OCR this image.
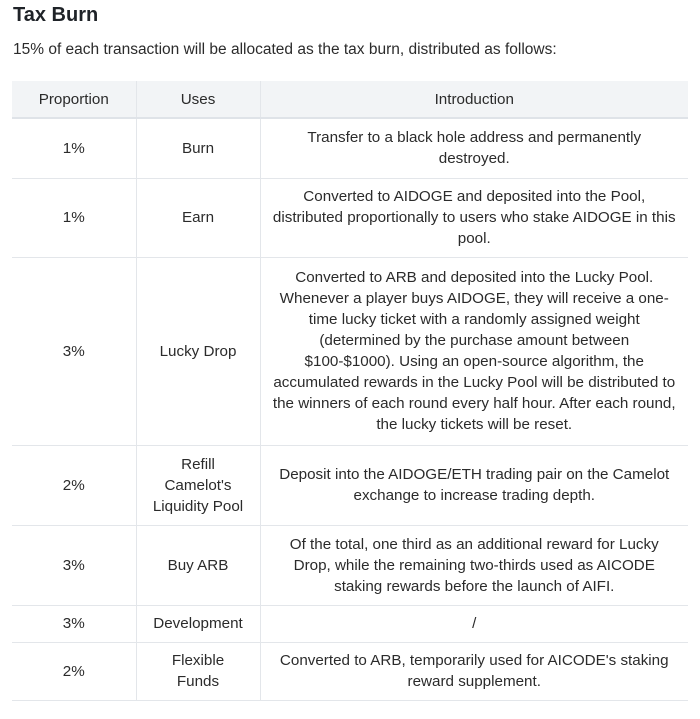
Tax Burn

15% of each transaction will be allocated as the tax burn, distributed as follows:

Proportion	Uses	Introduction
1%	Burn	Transfer to a black hole address and permanently destroyed.
1%	Earn	Converted to AIDOGE and deposited into the Pool, distributed proportionally to users who stake AIDOGE in this pool.
3%	Lucky Drop	Converted to ARB and deposited into the Lucky Pool. Whenever a player buys AIDOGE, they will receive a one-time lucky ticket with a randomly assigned weight (determined by the purchase amount between $100-$1000). Using an open-source algorithm, the accumulated rewards in the Lucky Pool will be distributed to the winners of each round every half hour. After each round, the lucky tickets will be reset.
2%	Refill Camelot's Liquidity Pool	Deposit into the AIDOGE/ETH trading pair on the Camelot exchange to increase trading depth.
3%	Buy ARB	Of the total, one third as an additional reward for Lucky Drop, while the remaining two-thirds used as AICODE staking rewards before the launch of AIFI.
3%	Development	/
2%	Flexible Funds	Converted to ARB, temporarily used for AICODE's staking reward supplement.
